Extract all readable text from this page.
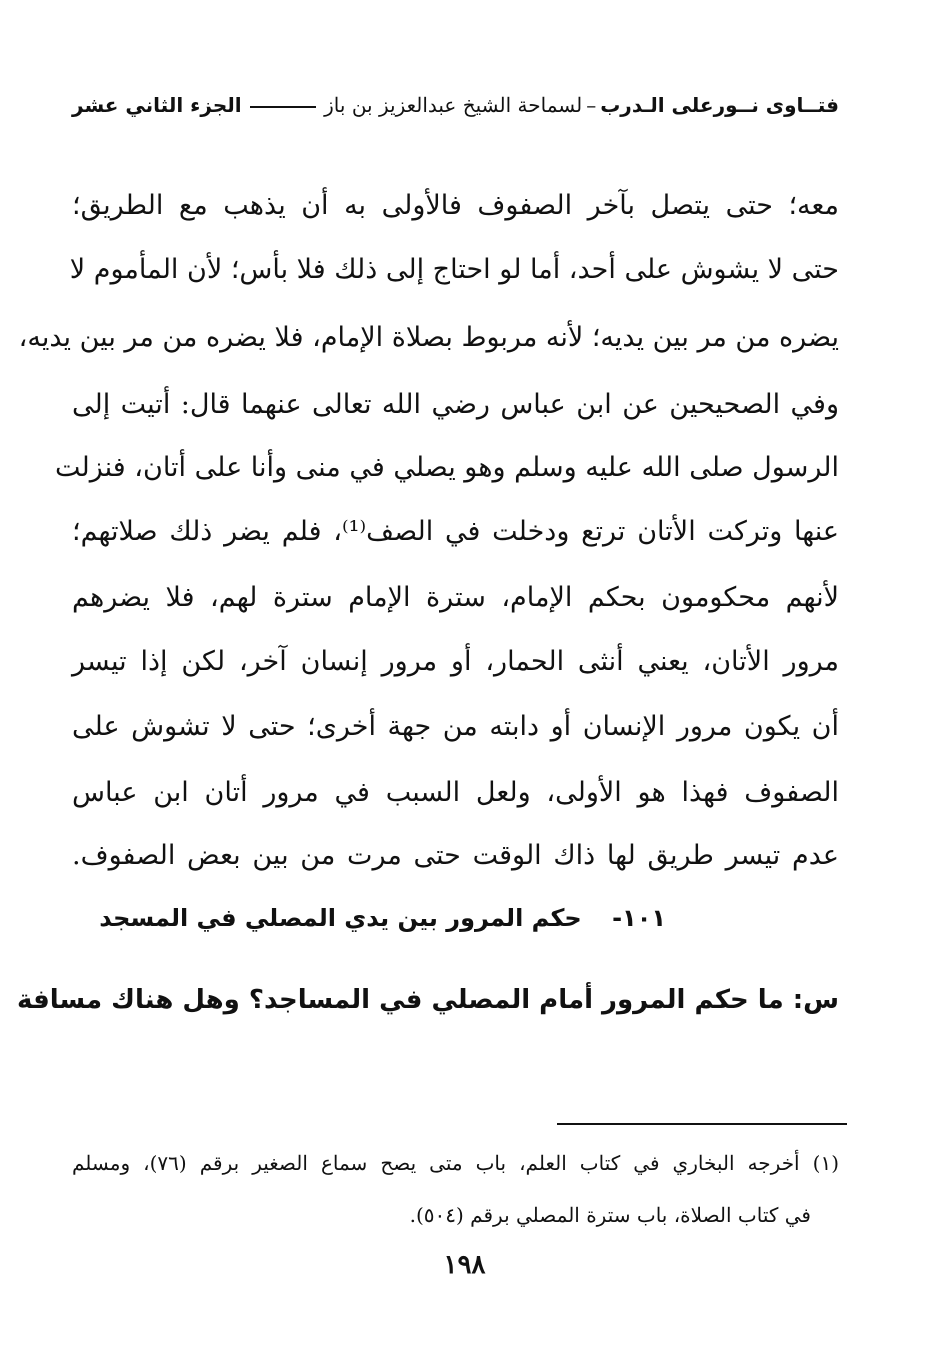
فتــاوى نــورعلى الـدرب
–
لسماحة الشيخ عبدالعزيز بن باز
الجزء الثاني عشر
معه؛ حتى يتصل بآخر الصفوف فالأولى به أن يذهب مع الطريق؛
حتى لا يشوش على أحد، أما لو احتاج إلى ذلك فلا بأس؛ لأن المأموم لا
يضره من مر بين يديه؛ لأنه مربوط بصلاة الإمام، فلا يضره من مر بين يديه،
وفي الصحيحين عن ابن عباس رضي الله تعالى عنهما قال: أتيت إلى
الرسول صلى الله عليه وسلم وهو يصلي في منى وأنا على أتان، فنزلت
عنها وتركت الأتان ترتع ودخلت في الصف⁽¹⁾، فلم يضر ذلك صلاتهم؛
لأنهم محكومون بحكم الإمام، سترة الإمام سترة لهم، فلا يضرهم
مرور الأتان، يعني أنثى الحمار، أو مرور إنسان آخر، لكن إذا تيسر
أن يكون مرور الإنسان أو دابته من جهة أخرى؛ حتى لا تشوش على
الصفوف فهذا هو الأولى، ولعل السبب في مرور أتان ابن عباس
عدم تيسر طريق لها ذاك الوقت حتى مرت من بين بعض الصفوف.
١٠١- حكم المرور بين يدي المصلي في المسجد
س: ما حكم المرور أمام المصلي في المساجد؟ وهل هناك مسافة
(١) أخرجه البخاري في كتاب العلم، باب متى يصح سماع الصغير برقم (٧٦)، ومسلم
في كتاب الصلاة، باب سترة المصلي برقم (٥٠٤).
١٩٨
